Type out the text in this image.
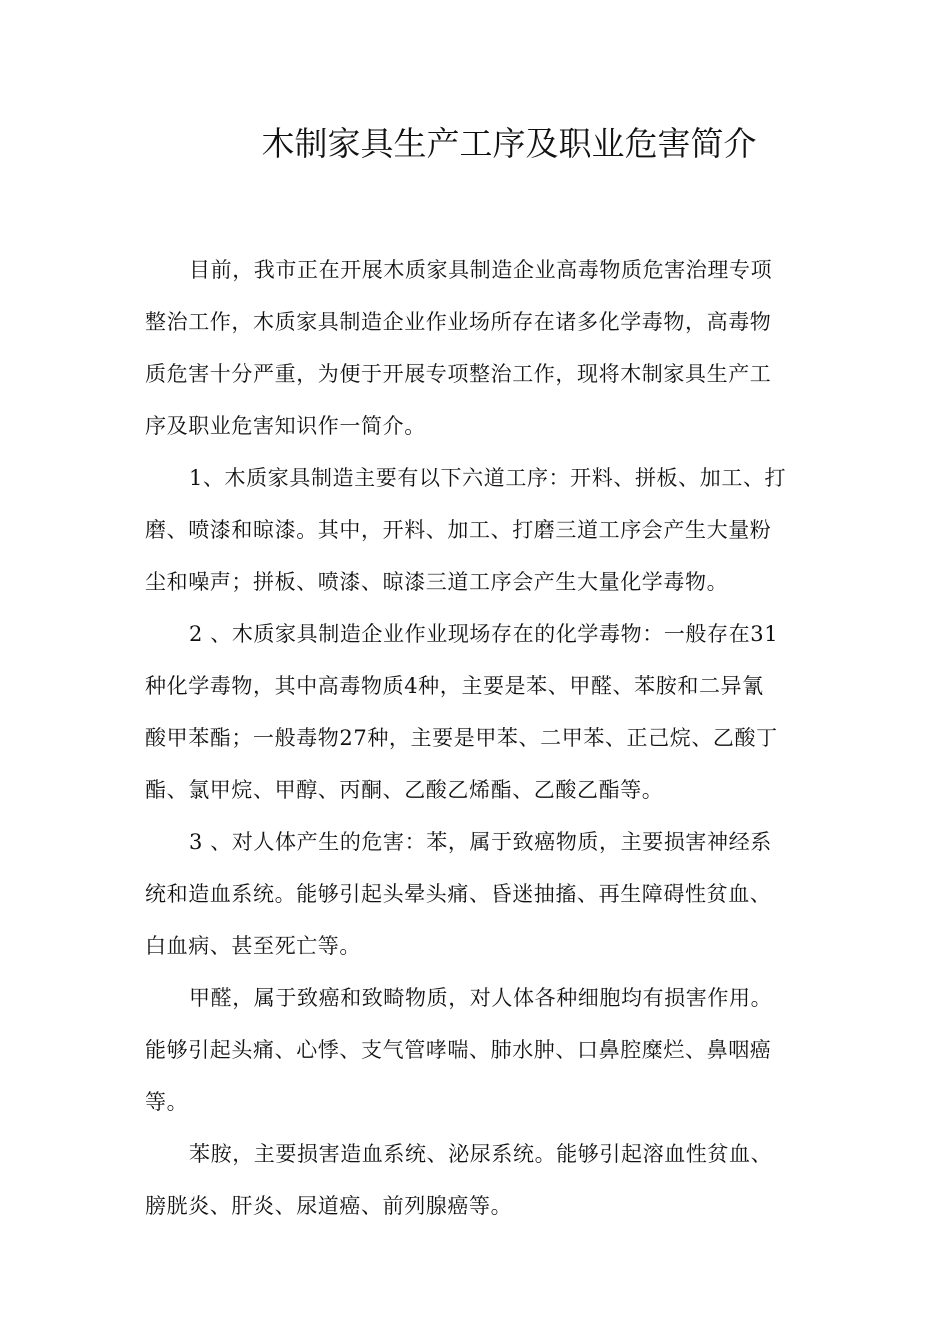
木制家具生产工序及职业危害简介
目前，我市正在开展木质家具制造企业高毒物质危害治理专项
整治工作，木质家具制造企业作业场所存在诸多化学毒物，高毒物
质危害十分严重，为便于开展专项整治工作，现将木制家具生产工
序及职业危害知识作一简介。
1、木质家具制造主要有以下六道工序：开料、拼板、加工、打
磨、喷漆和晾漆。其中，开料、加工、打磨三道工序会产生大量粉
尘和噪声；拼板、喷漆、晾漆三道工序会产生大量化学毒物。
2 、木质家具制造企业作业现场存在的化学毒物：一般存在31
种化学毒物，其中高毒物质4种，主要是苯、甲醛、苯胺和二异氰
酸甲苯酯；一般毒物27种，主要是甲苯、二甲苯、正己烷、乙酸丁
酯、氯甲烷、甲醇、丙酮、乙酸乙烯酯、乙酸乙酯等。
3 、对人体产生的危害：苯，属于致癌物质，主要损害神经系
统和造血系统。能够引起头晕头痛、昏迷抽搐、再生障碍性贫血、
白血病、甚至死亡等。
甲醛，属于致癌和致畸物质，对人体各种细胞均有损害作用。
能够引起头痛、心悸、支气管哮喘、肺水肿、口鼻腔糜烂、鼻咽癌
等。
苯胺，主要损害造血系统、泌尿系统。能够引起溶血性贫血、
膀胱炎、肝炎、尿道癌、前列腺癌等。
